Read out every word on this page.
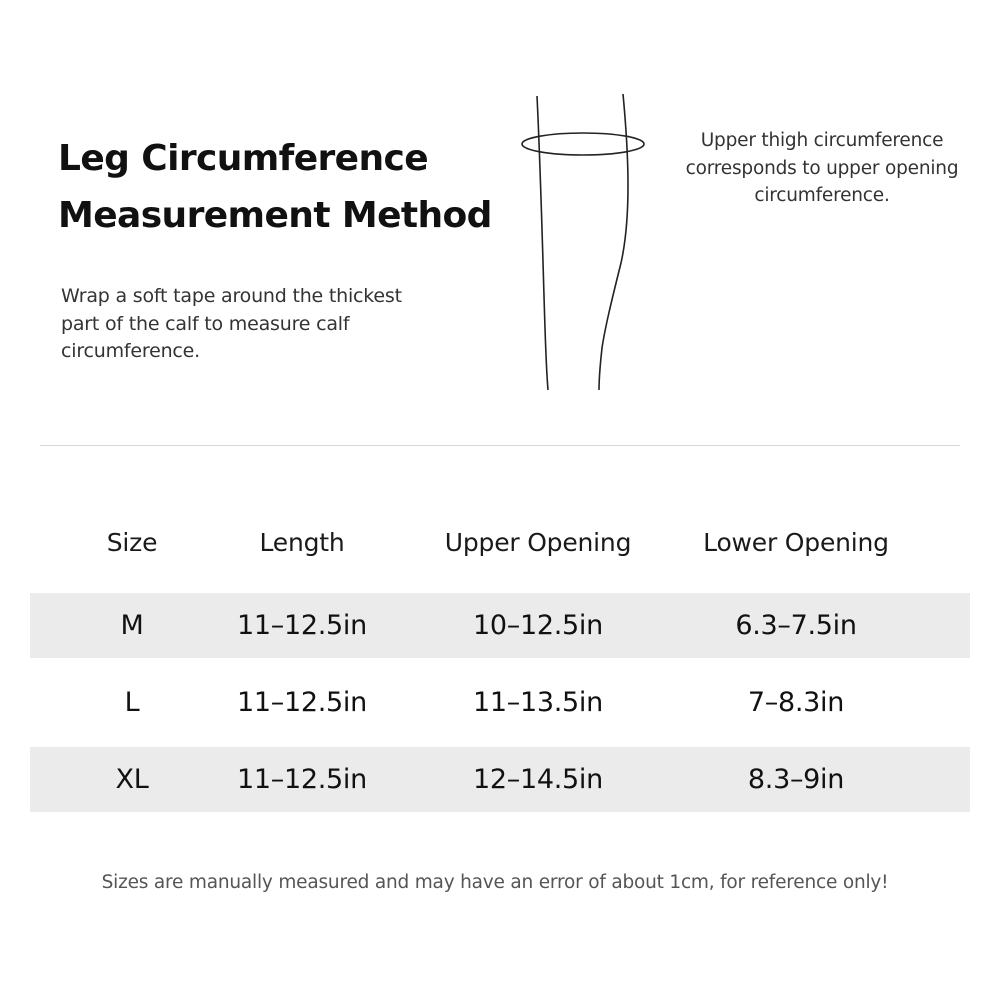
Leg Circumference
Measurement Method

Wrap a soft tape around the thickest part of the calf to measure calf circumference.

Upper thigh circumference corresponds to upper opening circumference.

Size	Length	Upper Opening	Lower Opening
M	11–12.5in	10–12.5in	6.3–7.5in
L	11–12.5in	11–13.5in	7–8.3in
XL	11–12.5in	12–14.5in	8.3–9in

Sizes are manually measured and may have an error of about 1cm, for reference only!
